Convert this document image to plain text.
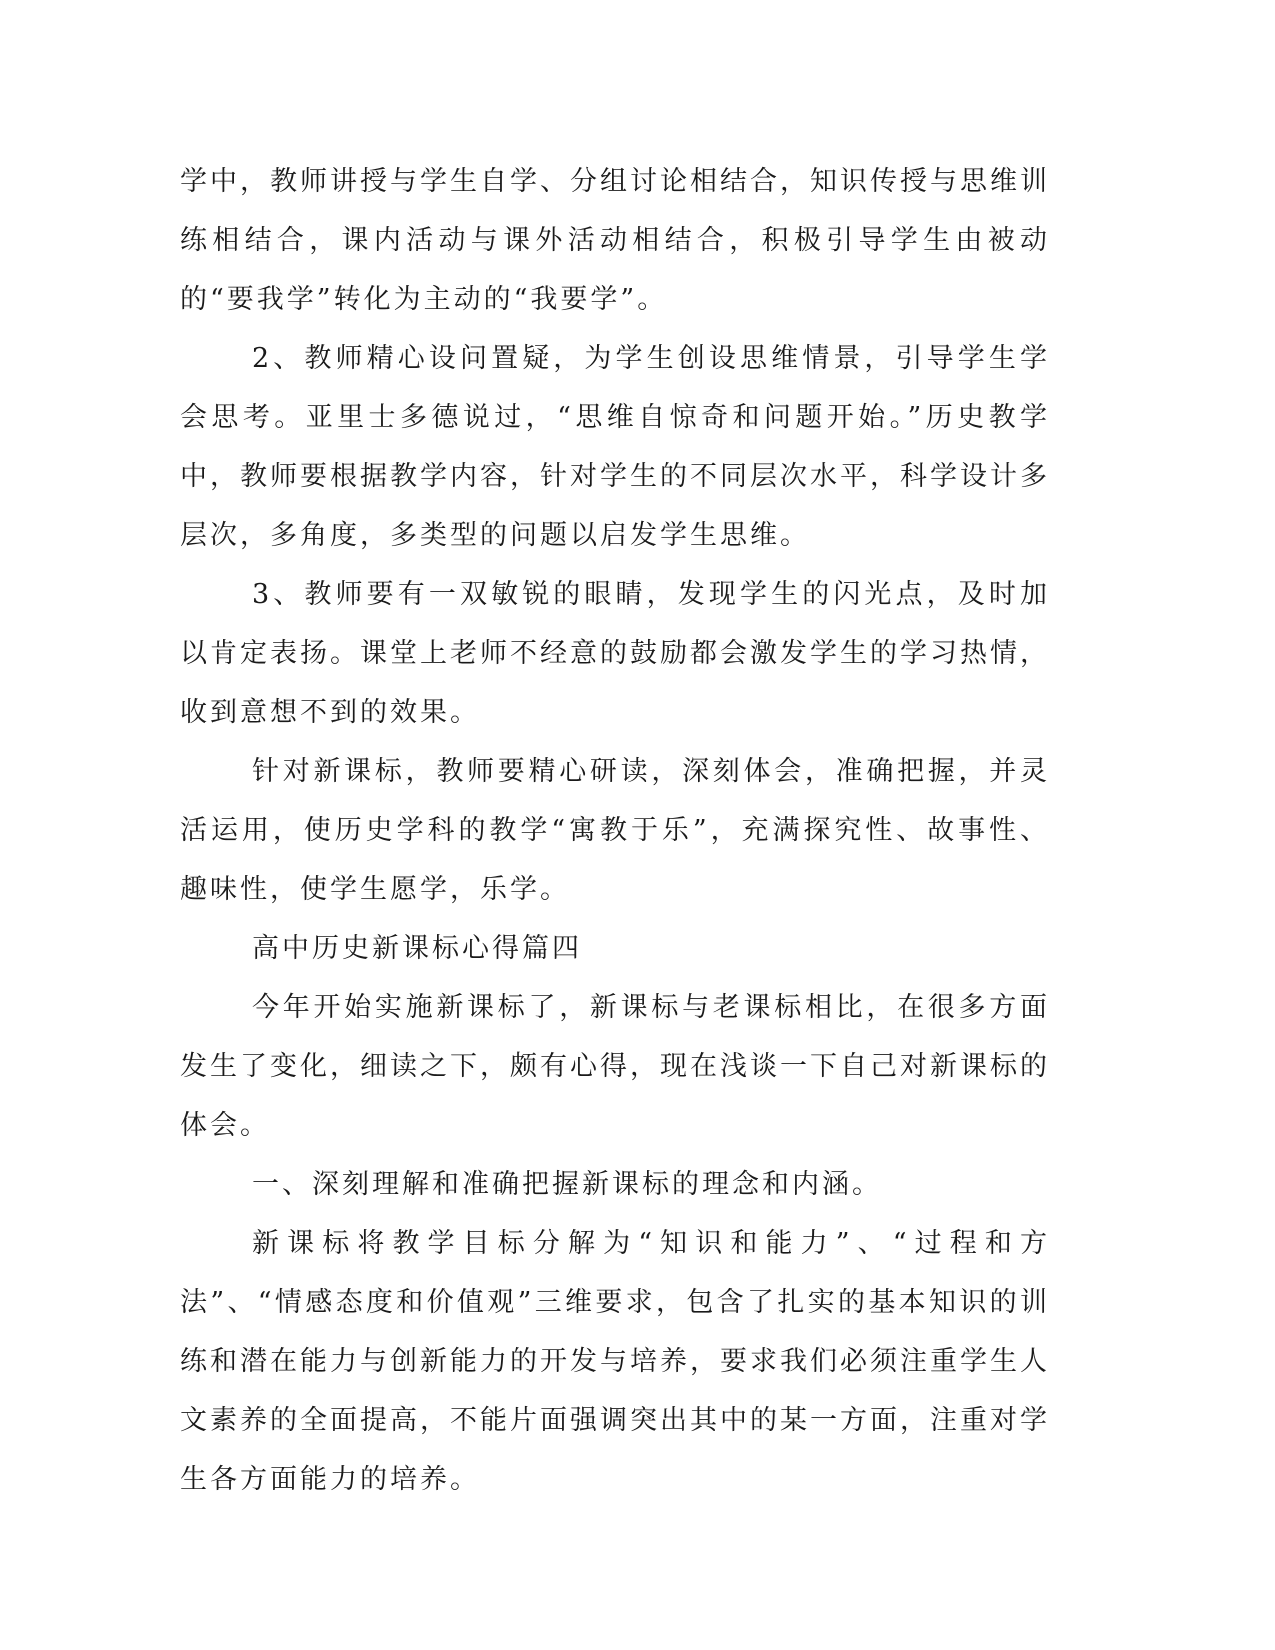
学中，教师讲授与学生自学、分组讨论相结合，知识传授与思维训练相结合，课内活动与课外活动相结合，积极引导学生由被动的“要我学”转化为主动的“我要学”。

2、教师精心设问置疑，为学生创设思维情景，引导学生学会思考。亚里士多德说过，“思维自惊奇和问题开始。”历史教学中，教师要根据教学内容，针对学生的不同层次水平，科学设计多层次，多角度，多类型的问题以启发学生思维。

3、教师要有一双敏锐的眼睛，发现学生的闪光点，及时加以肯定表扬。课堂上老师不经意的鼓励都会激发学生的学习热情，收到意想不到的效果。

针对新课标，教师要精心研读，深刻体会，准确把握，并灵活运用，使历史学科的教学“寓教于乐”，充满探究性、故事性、趣味性，使学生愿学，乐学。

高中历史新课标心得篇四

今年开始实施新课标了，新课标与老课标相比，在很多方面发生了变化，细读之下，颇有心得，现在浅谈一下自己对新课标的体会。

一、深刻理解和准确把握新课标的理念和内涵。

新课标将教学目标分解为“知识和能力”、“过程和方法”、“情感态度和价值观”三维要求，包含了扎实的基本知识的训练和潜在能力与创新能力的开发与培养，要求我们必须注重学生人文素养的全面提高，不能片面强调突出其中的某一方面，注重对学生各方面能力的培养。
